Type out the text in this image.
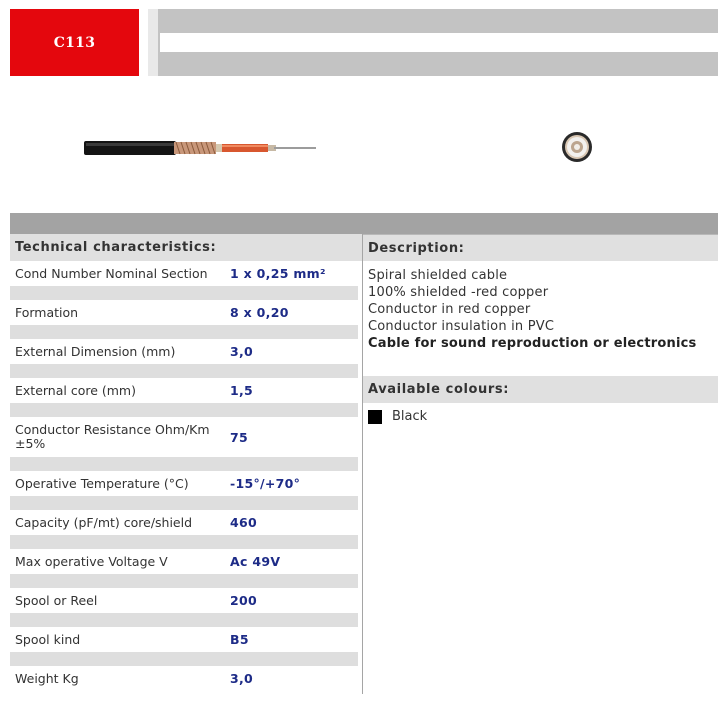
C113
Technical characteristics:
Cond Number Nominal Section	1 x 0,25 mm²
Formation	8 x 0,20
External Dimension (mm)	3,0
External core (mm)	1,5
Conductor Resistance Ohm/Km ±5%	75
Operative Temperature (°C)	-15°/+70°
Capacity (pF/mt) core/shield	460
Max operative Voltage V	Ac 49V
Spool or Reel	200
Spool kind	B5
Weight Kg	3,0
Description:
Spiral shielded cable
100% shielded -red copper
Conductor in red copper
Conductor insulation in PVC
Cable for sound reproduction or electronics
Available colours:
Black
